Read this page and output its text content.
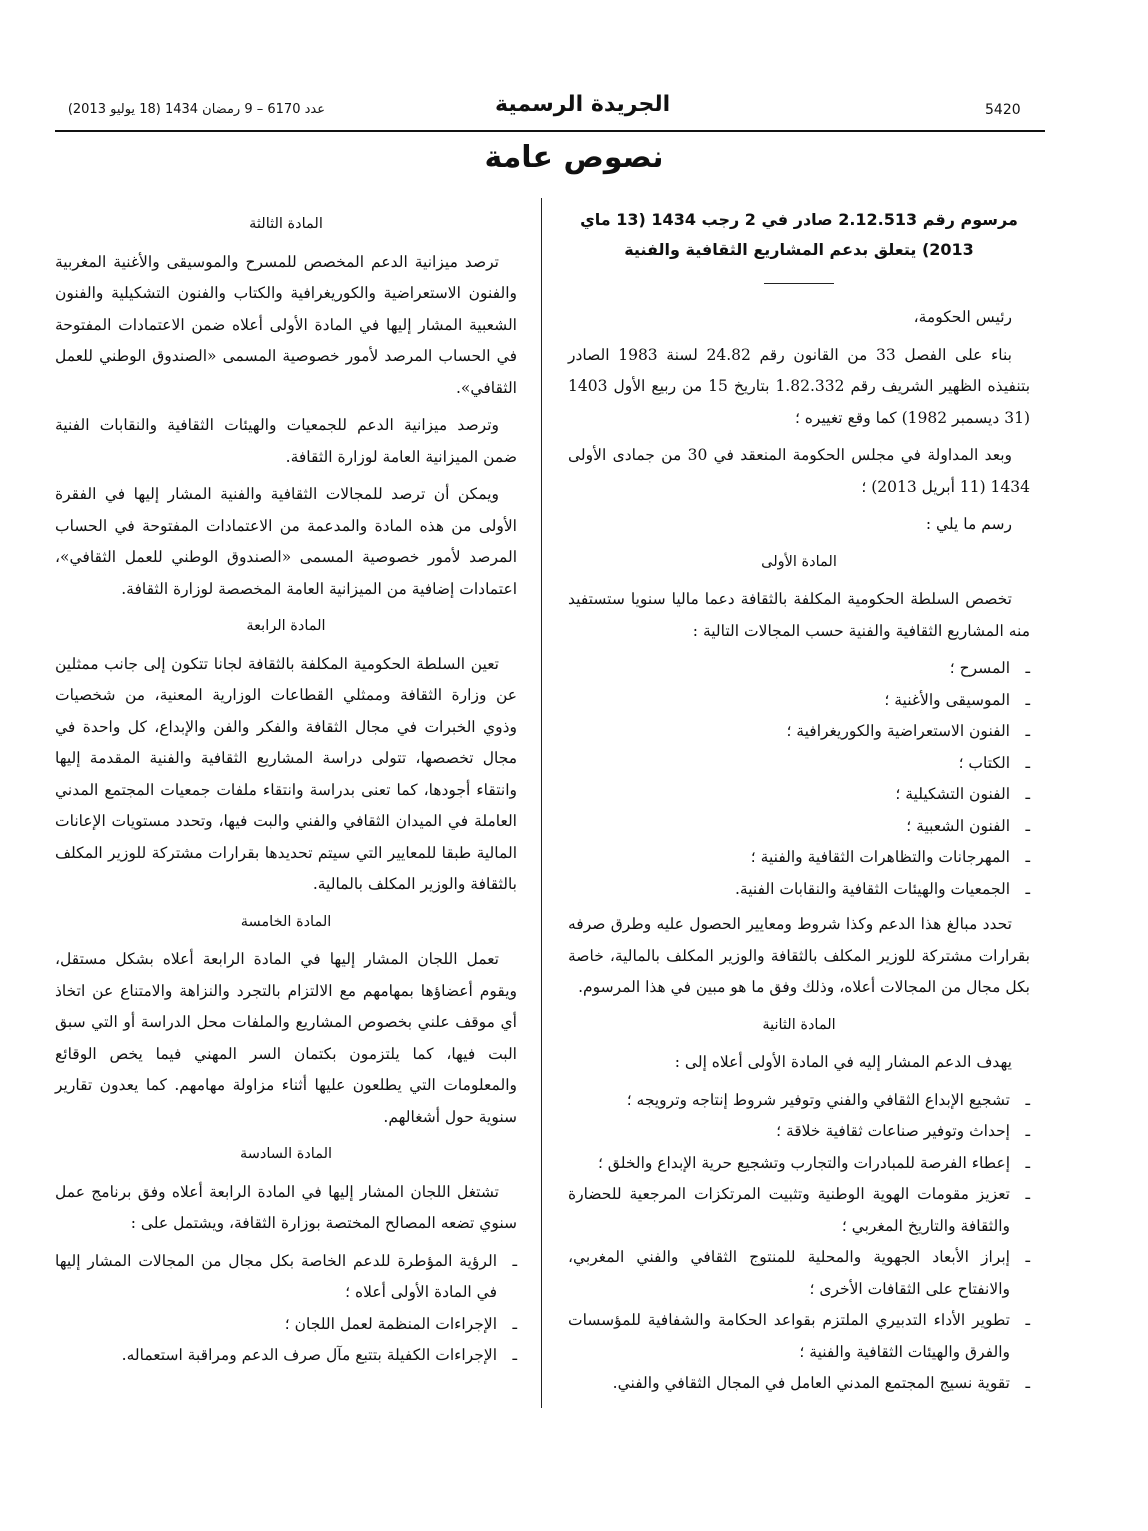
5420
الجريدة الرسمية
عدد 6170 – 9 رمضان 1434 (18 يوليو 2013)
نصوص عامة

مرسوم رقم 2.12.513 صادر في 2 رجب 1434 (13 ماي 2013) يتعلق بدعم المشاريع الثقافية والفنية

رئيس الحكومة،

بناء على الفصل 33 من القانون رقم 24.82 لسنة 1983 الصادر بتنفيذه الظهير الشريف رقم 1.82.332 بتاريخ 15 من ربيع الأول 1403 (31 ديسمبر 1982) كما وقع تغييره ؛

وبعد المداولة في مجلس الحكومة المنعقد في 30 من جمادى الأولى 1434 (11 أبريل 2013) ؛

رسم ما يلي :

المادة الأولى

تخصص السلطة الحكومية المكلفة بالثقافة دعما ماليا سنويا ستستفيد منه المشاريع الثقافية والفنية حسب المجالات التالية :

ـ المسرح ؛
ـ الموسيقى والأغنية ؛
ـ الفنون الاستعراضية والكوريغرافية ؛
ـ الكتاب ؛
ـ الفنون التشكيلية ؛
ـ الفنون الشعبية ؛
ـ المهرجانات والتظاهرات الثقافية والفنية ؛
ـ الجمعيات والهيئات الثقافية والنقابات الفنية.

تحدد مبالغ هذا الدعم وكذا شروط ومعايير الحصول عليه وطرق صرفه بقرارات مشتركة للوزير المكلف بالثقافة والوزير المكلف بالمالية، خاصة بكل مجال من المجالات أعلاه، وذلك وفق ما هو مبين في هذا المرسوم.

المادة الثانية

يهدف الدعم المشار إليه في المادة الأولى أعلاه إلى :

ـ تشجيع الإبداع الثقافي والفني وتوفير شروط إنتاجه وترويجه ؛
ـ إحداث وتوفير صناعات ثقافية خلاقة ؛
ـ إعطاء الفرصة للمبادرات والتجارب وتشجيع حرية الإبداع والخلق ؛
ـ تعزيز مقومات الهوية الوطنية وتثبيت المرتكزات المرجعية للحضارة والثقافة والتاريخ المغربي ؛
ـ إبراز الأبعاد الجهوية والمحلية للمنتوج الثقافي والفني المغربي، والانفتاح على الثقافات الأخرى ؛
ـ تطوير الأداء التدبيري الملتزم بقواعد الحكامة والشفافية للمؤسسات والفرق والهيئات الثقافية والفنية ؛
ـ تقوية نسيج المجتمع المدني العامل في المجال الثقافي والفني.

المادة الثالثة

ترصد ميزانية الدعم المخصص للمسرح والموسيقى والأغنية المغربية والفنون الاستعراضية والكوريغرافية والكتاب والفنون التشكيلية والفنون الشعبية المشار إليها في المادة الأولى أعلاه ضمن الاعتمادات المفتوحة في الحساب المرصد لأمور خصوصية المسمى «الصندوق الوطني للعمل الثقافي».

وترصد ميزانية الدعم للجمعيات والهيئات الثقافية والنقابات الفنية ضمن الميزانية العامة لوزارة الثقافة.

ويمكن أن ترصد للمجالات الثقافية والفنية المشار إليها في الفقرة الأولى من هذه المادة والمدعمة من الاعتمادات المفتوحة في الحساب المرصد لأمور خصوصية المسمى «الصندوق الوطني للعمل الثقافي»، اعتمادات إضافية من الميزانية العامة المخصصة لوزارة الثقافة.

المادة الرابعة

تعين السلطة الحكومية المكلفة بالثقافة لجانا تتكون إلى جانب ممثلين عن وزارة الثقافة وممثلي القطاعات الوزارية المعنية، من شخصيات وذوي الخبرات في مجال الثقافة والفكر والفن والإبداع، كل واحدة في مجال تخصصها، تتولى دراسة المشاريع الثقافية والفنية المقدمة إليها وانتقاء أجودها، كما تعنى بدراسة وانتقاء ملفات جمعيات المجتمع المدني العاملة في الميدان الثقافي والفني والبت فيها، وتحدد مستويات الإعانات المالية طبقا للمعايير التي سيتم تحديدها بقرارات مشتركة للوزير المكلف بالثقافة والوزير المكلف بالمالية.

المادة الخامسة

تعمل اللجان المشار إليها في المادة الرابعة أعلاه بشكل مستقل، ويقوم أعضاؤها بمهامهم مع الالتزام بالتجرد والنزاهة والامتناع عن اتخاذ أي موقف علني بخصوص المشاريع والملفات محل الدراسة أو التي سبق البت فيها، كما يلتزمون بكتمان السر المهني فيما يخص الوقائع والمعلومات التي يطلعون عليها أثناء مزاولة مهامهم. كما يعدون تقارير سنوية حول أشغالهم.

المادة السادسة

تشتغل اللجان المشار إليها في المادة الرابعة أعلاه وفق برنامج عمل سنوي تضعه المصالح المختصة بوزارة الثقافة، ويشتمل على :

ـ الرؤية المؤطرة للدعم الخاصة بكل مجال من المجالات المشار إليها في المادة الأولى أعلاه ؛
ـ الإجراءات المنظمة لعمل اللجان ؛
ـ الإجراءات الكفيلة بتتبع مآل صرف الدعم ومراقبة استعماله.
